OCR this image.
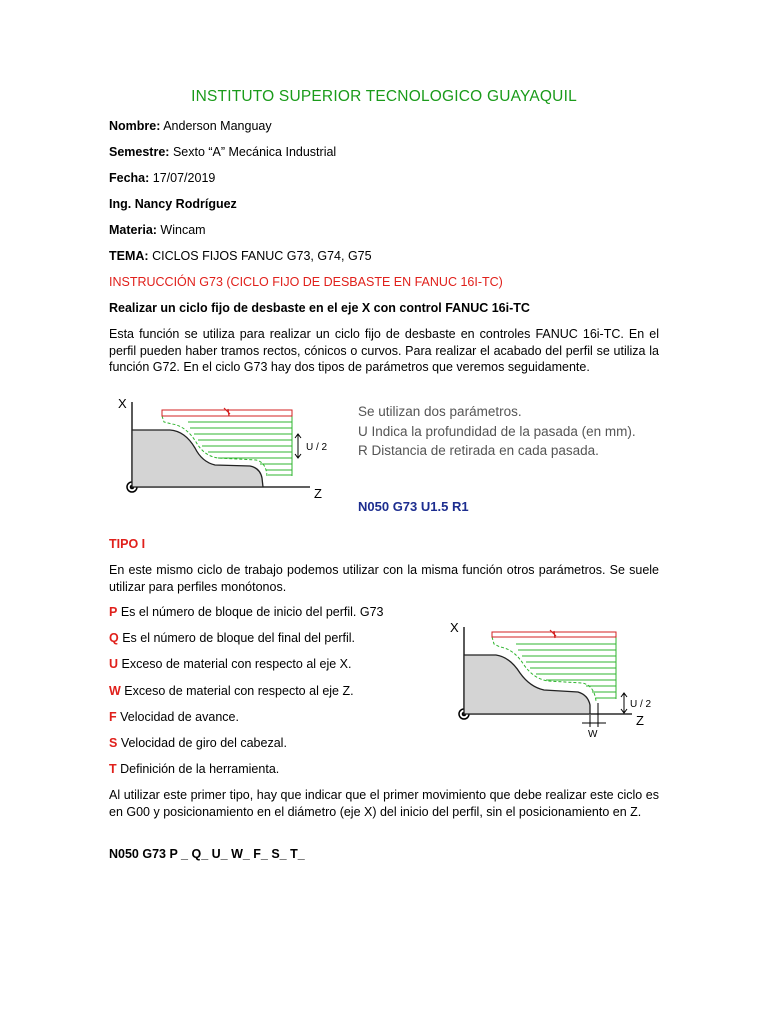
INSTITUTO SUPERIOR TECNOLOGICO GUAYAQUIL
Nombre: Anderson Manguay
Semestre: Sexto “A” Mecánica Industrial
Fecha: 17/07/2019
Ing. Nancy Rodríguez
Materia: Wincam
TEMA: CICLOS FIJOS FANUC G73, G74, G75
INSTRUCCIÓN G73 (CICLO FIJO DE DESBASTE EN FANUC 16I-TC)
Realizar un ciclo fijo de desbaste en el eje X con control FANUC 16i-TC
Esta función se utiliza para realizar un ciclo fijo de desbaste en controles FANUC 16i-TC. En el perfil pueden haber tramos rectos, cónicos o curvos. Para realizar el acabado del perfil se utiliza la función G72. En el ciclo G73 hay dos tipos de parámetros que veremos seguidamente.
X
Z
U / 2
Se utilizan dos parámetros.
U Indica la profundidad de la pasada (en mm).
R Distancia de retirada en cada pasada.
N050 G73 U1.5 R1
TIPO I
En este mismo ciclo de trabajo podemos utilizar con la misma función otros parámetros. Se suele utilizar para perfiles monótonos.
P Es el número de bloque de inicio del perfil. G73
Q Es el número de bloque del final del perfil.
U Exceso de material con respecto al eje X.
W Exceso de material con respecto al eje Z.
F Velocidad de avance.
S Velocidad de giro del cabezal.
T Definición de la herramienta.
X
Z
U / 2
W
Al utilizar este primer tipo, hay que indicar que el primer movimiento que debe realizar este ciclo es en G00 y posicionamiento en el diámetro (eje X) del inicio del perfil, sin el posicionamiento en Z.
N050 G73 P _ Q_ U_ W_ F_ S_ T_
